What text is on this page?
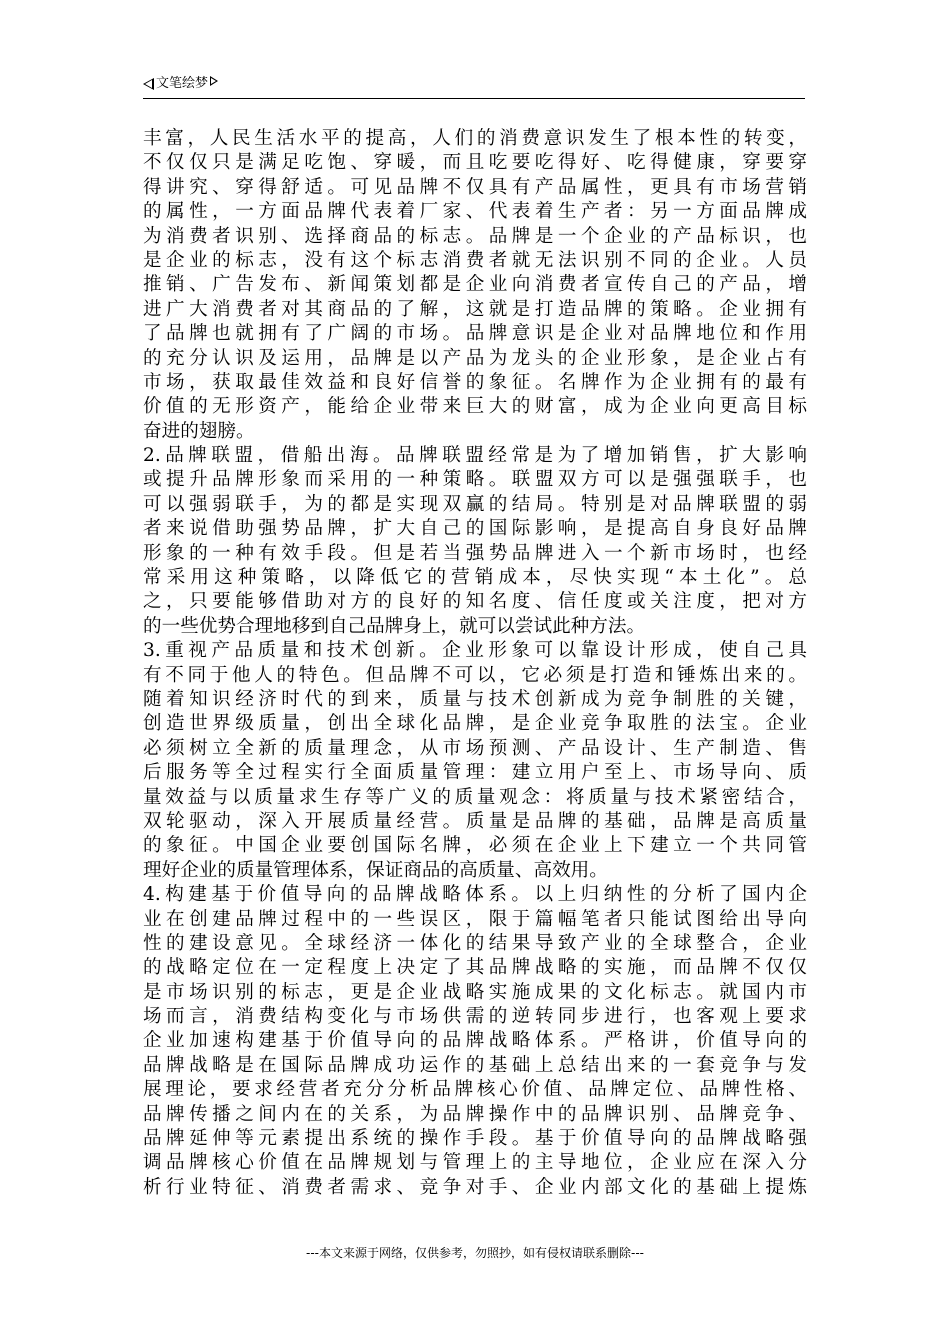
文笔绘梦
丰富，人民生活水平的提高，人们的消费意识发生了根本性的转变，
不仅仅只是满足吃饱、穿暖，而且吃要吃得好、吃得健康，穿要穿
得讲究、穿得舒适。可见品牌不仅具有产品属性，更具有市场营销
的属性，一方面品牌代表着厂家、代表着生产者：另一方面品牌成
为消费者识别、选择商品的标志。品牌是一个企业的产品标识，也
是企业的标志，没有这个标志消费者就无法识别不同的企业。人员
推销、广告发布、新闻策划都是企业向消费者宣传自己的产品，增
进广大消费者对其商品的了解，这就是打造品牌的策略。企业拥有
了品牌也就拥有了广阔的市场。品牌意识是企业对品牌地位和作用
的充分认识及运用，品牌是以产品为龙头的企业形象，是企业占有
市场，获取最佳效益和良好信誉的象征。名牌作为企业拥有的最有
价值的无形资产，能给企业带来巨大的财富，成为企业向更高目标
奋进的翅膀。
2.品牌联盟，借船出海。品牌联盟经常是为了增加销售，扩大影响
或提升品牌形象而采用的一种策略。联盟双方可以是强强联手，也
可以强弱联手，为的都是实现双赢的结局。特别是对品牌联盟的弱
者来说借助强势品牌，扩大自己的国际影响，是提高自身良好品牌
形象的一种有效手段。但是若当强势品牌进入一个新市场时，也经
常采用这种策略，以降低它的营销成本，尽快实现“本土化”。总
之，只要能够借助对方的良好的知名度、信任度或关注度，把对方
的一些优势合理地移到自己品牌身上，就可以尝试此种方法。
3.重视产品质量和技术创新。企业形象可以靠设计形成，使自己具
有不同于他人的特色。但品牌不可以，它必须是打造和锤炼出来的。
随着知识经济时代的到来，质量与技术创新成为竞争制胜的关键，
创造世界级质量，创出全球化品牌，是企业竞争取胜的法宝。企业
必须树立全新的质量理念，从市场预测、产品设计、生产制造、售
后服务等全过程实行全面质量管理：建立用户至上、市场导向、质
量效益与以质量求生存等广义的质量观念：将质量与技术紧密结合，
双轮驱动，深入开展质量经营。质量是品牌的基础，品牌是高质量
的象征。中国企业要创国际名牌，必须在企业上下建立一个共同管
理好企业的质量管理体系，保证商品的高质量、高效用。
4.构建基于价值导向的品牌战略体系。以上归纳性的分析了国内企
业在创建品牌过程中的一些误区，限于篇幅笔者只能试图给出导向
性的建设意见。全球经济一体化的结果导致产业的全球整合，企业
的战略定位在一定程度上决定了其品牌战略的实施，而品牌不仅仅
是市场识别的标志，更是企业战略实施成果的文化标志。就国内市
场而言，消费结构变化与市场供需的逆转同步进行，也客观上要求
企业加速构建基于价值导向的品牌战略体系。严格讲，价值导向的
品牌战略是在国际品牌成功运作的基础上总结出来的一套竞争与发
展理论，要求经营者充分分析品牌核心价值、品牌定位、品牌性格、
品牌传播之间内在的关系，为品牌操作中的品牌识别、品牌竞争、
品牌延伸等元素提出系统的操作手段。基于价值导向的品牌战略强
调品牌核心价值在品牌规划与管理上的主导地位，企业应在深入分
析行业特征、消费者需求、竞争对手、企业内部文化的基础上提炼
---本文来源于网络，仅供参考，勿照抄，如有侵权请联系删除---
